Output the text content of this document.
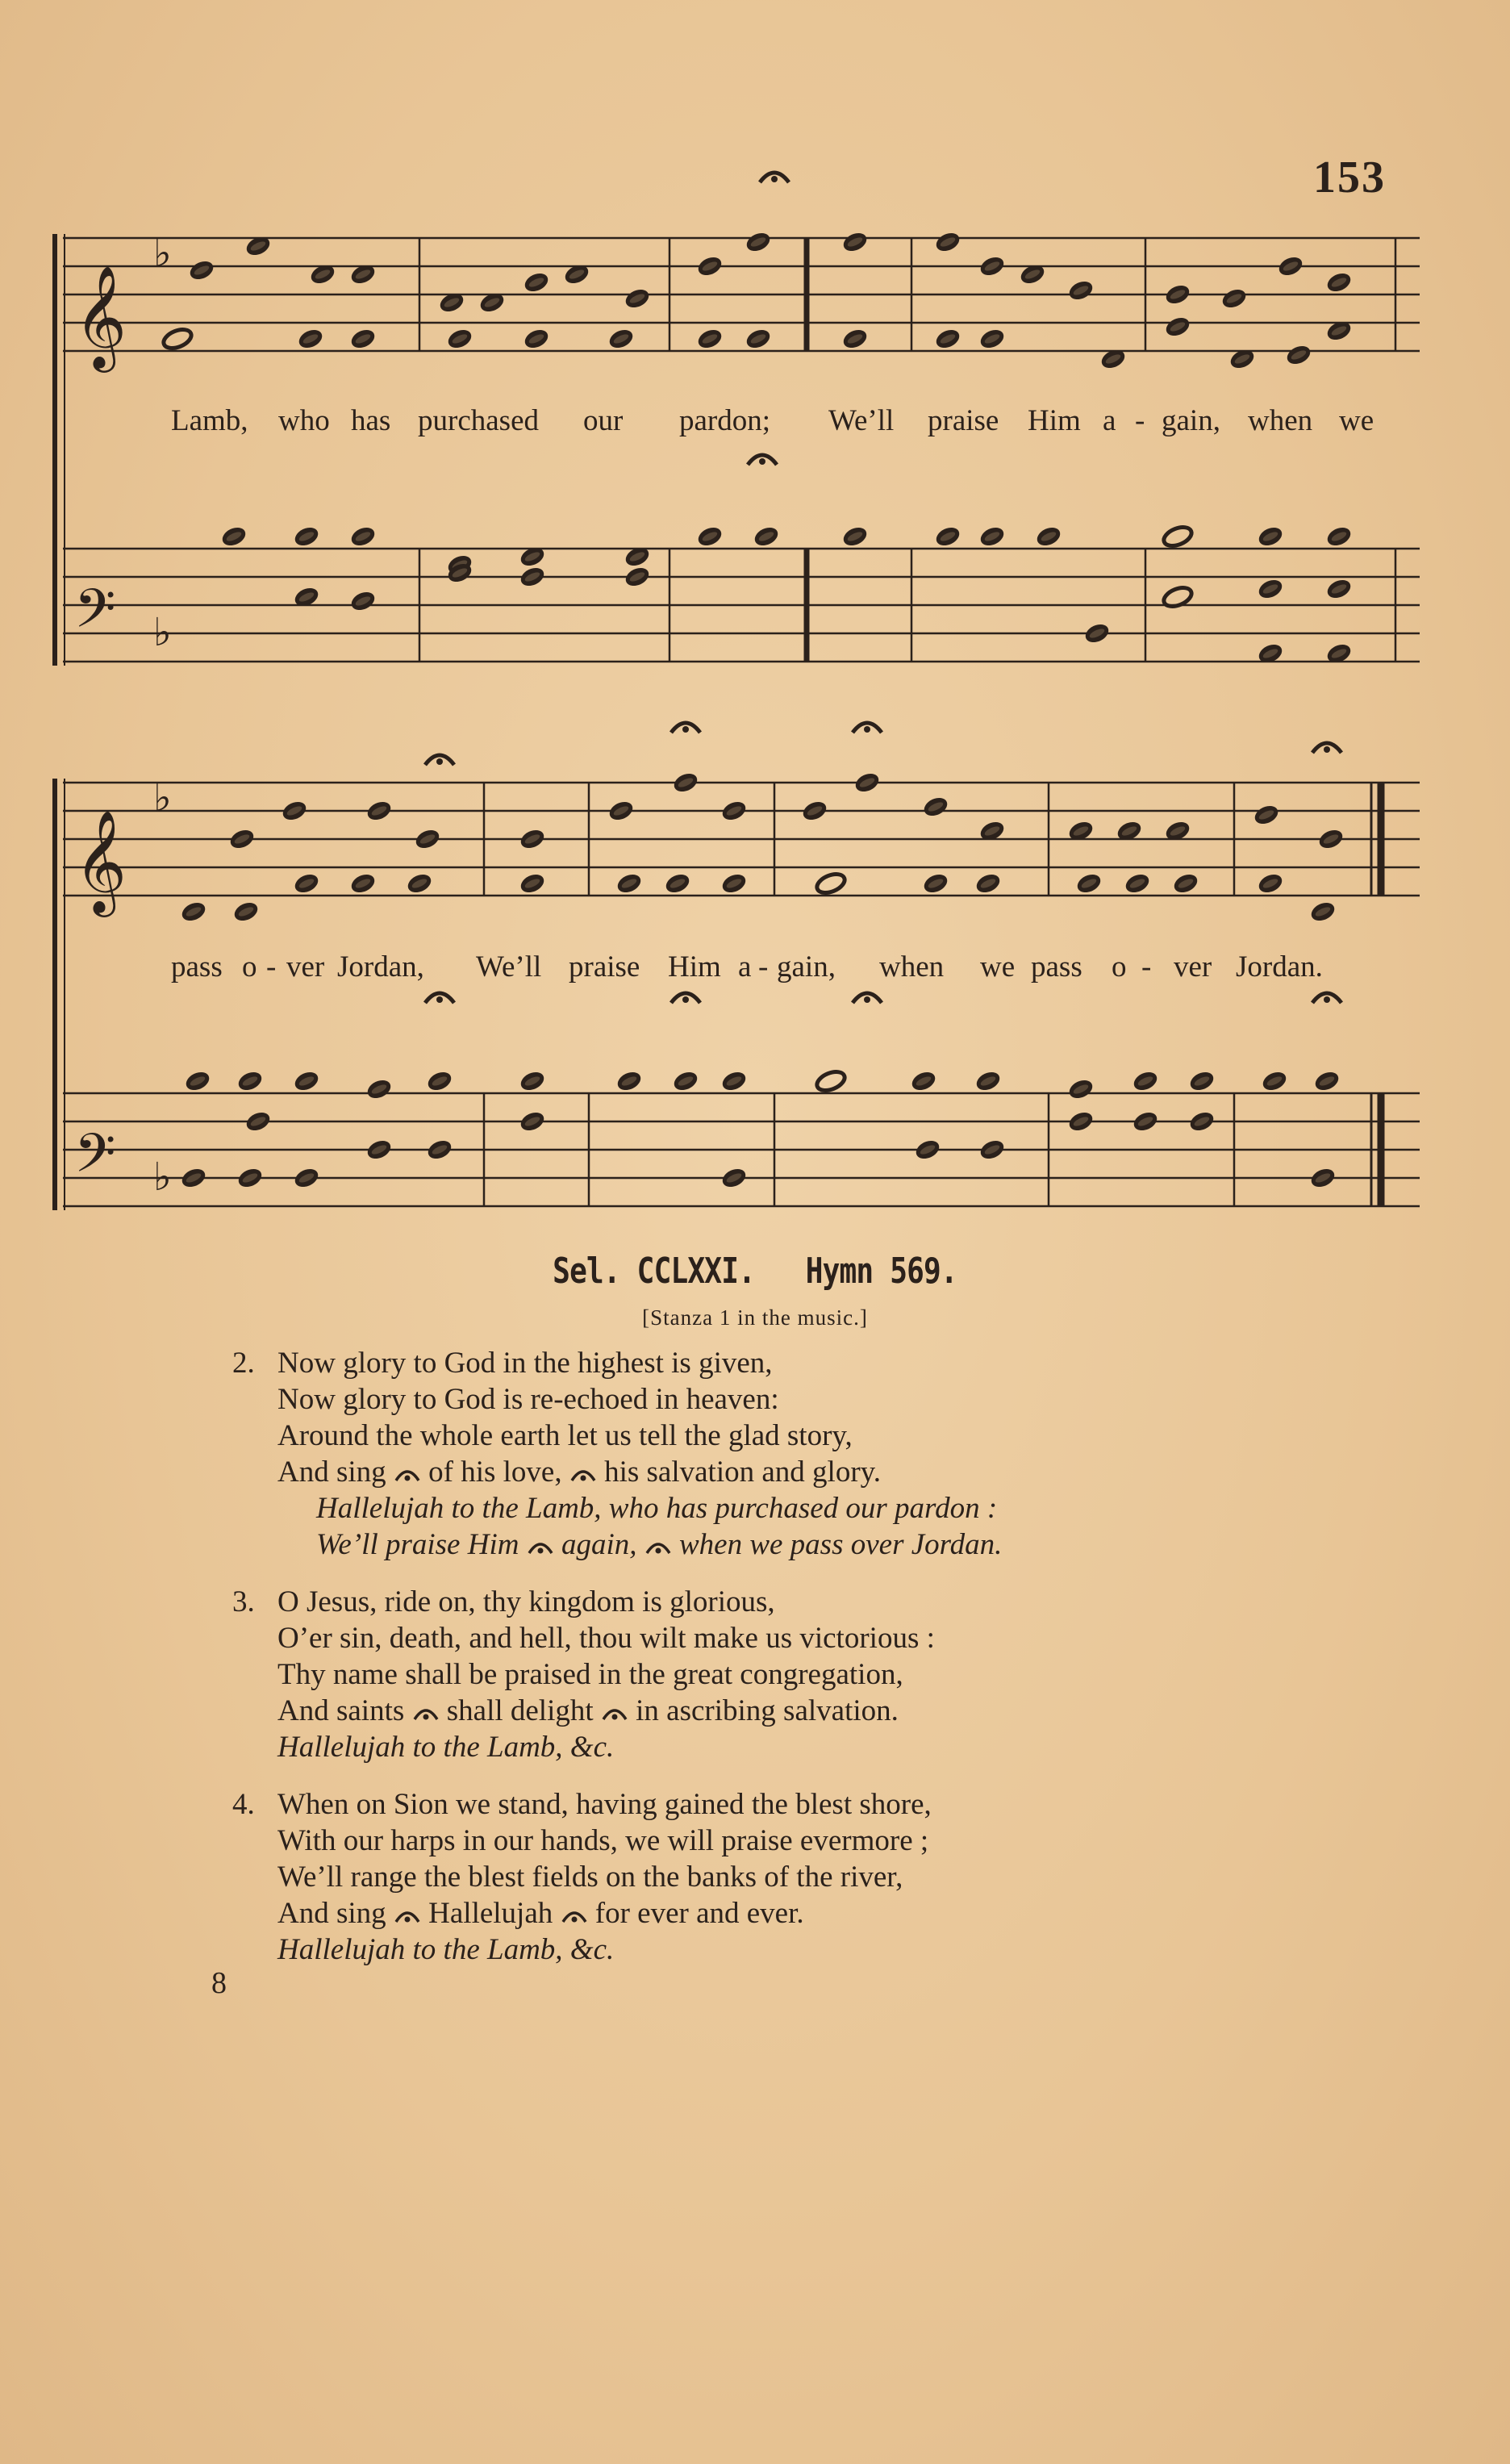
153
𝄞
𝄢
♭
♭
Lamb, who has purchased our pardon; We’ll praise Him a - gain, when we
𝄞
𝄢
♭
♭
pass o - ver Jordan, We’ll praise Him a - gain, when we pass o - ver Jordan.
Sel. CCLXXI.   Hymn 569.
[Stanza 1 in the music.]
2. Now glory to God in the highest is given,
Now glory to God is re-echoed in heaven:
Around the whole earth let us tell the glad story,
And sing of his love, his salvation and glory.
Hallelujah to the Lamb, who has purchased our pardon :
We’ll praise Him again, when we pass over Jordan.
3. O Jesus, ride on, thy kingdom is glorious,
O’er sin, death, and hell, thou wilt make us victorious :
Thy name shall be praised in the great congregation,
And saints shall delight in ascribing salvation.
Hallelujah to the Lamb, &c.
4. When on Sion we stand, having gained the blest shore,
With our harps in our hands, we will praise evermore ;
We’ll range the blest fields on the banks of the river,
And sing Hallelujah for ever and ever.
Hallelujah to the Lamb, &c.
8
